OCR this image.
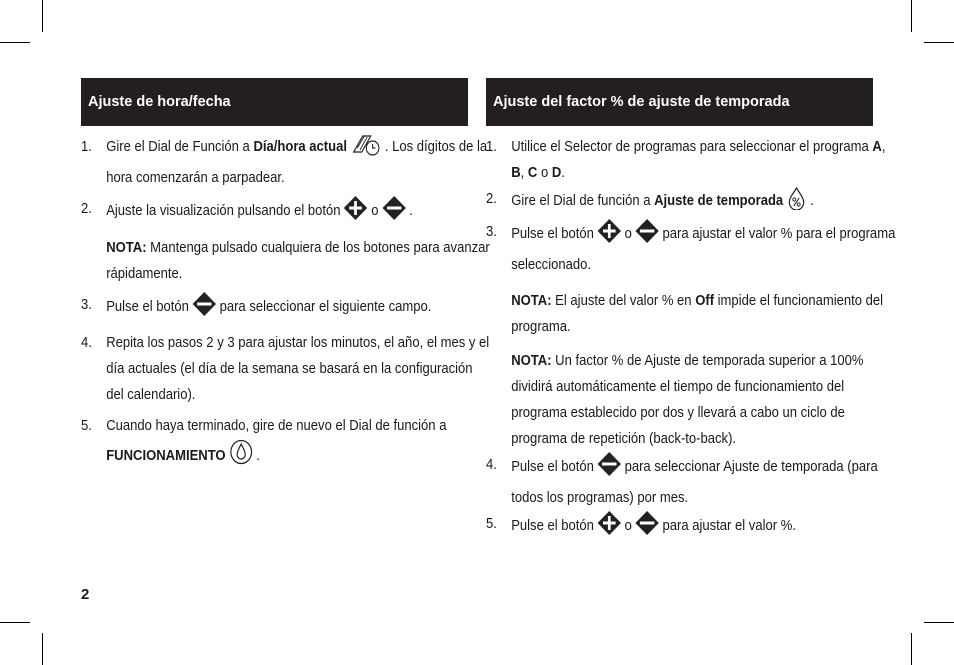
Ajuste de hora/fecha
1. Gire el Dial de Función a Día/hora actual  . Los dígitos de la hora comenzarán a parpadear.
2. Ajuste la visualización pulsando el botón  o  .
NOTA: Mantenga pulsado cualquiera de los botones para avanzar rápidamente.
3. Pulse el botón  para seleccionar el siguiente campo.
4. Repita los pasos 2 y 3 para ajustar los minutos, el año, el mes y el día actuales (el día de la semana se basará en la configuración del calendario).
5. Cuando haya terminado, gire de nuevo el Dial de función a FUNCIONAMIENTO  .
Ajuste del factor % de ajuste de temporada
1. Utilice el Selector de programas para seleccionar el programa A, B, C o D.
2. Gire el Dial de función a Ajuste de temporada  .
3. Pulse el botón  o  para ajustar el valor % para el programa seleccionado.
NOTA: El ajuste del valor % en Off impide el funcionamiento del programa.
NOTA: Un factor % de Ajuste de temporada superior a 100% dividirá automáticamente el tiempo de funcionamiento del programa establecido por dos y llevará a cabo un ciclo de programa de repetición (back-to-back).
4. Pulse el botón  para seleccionar Ajuste de temporada (para todos los programas) por mes.
5. Pulse el botón  o  para ajustar el valor %.
2
